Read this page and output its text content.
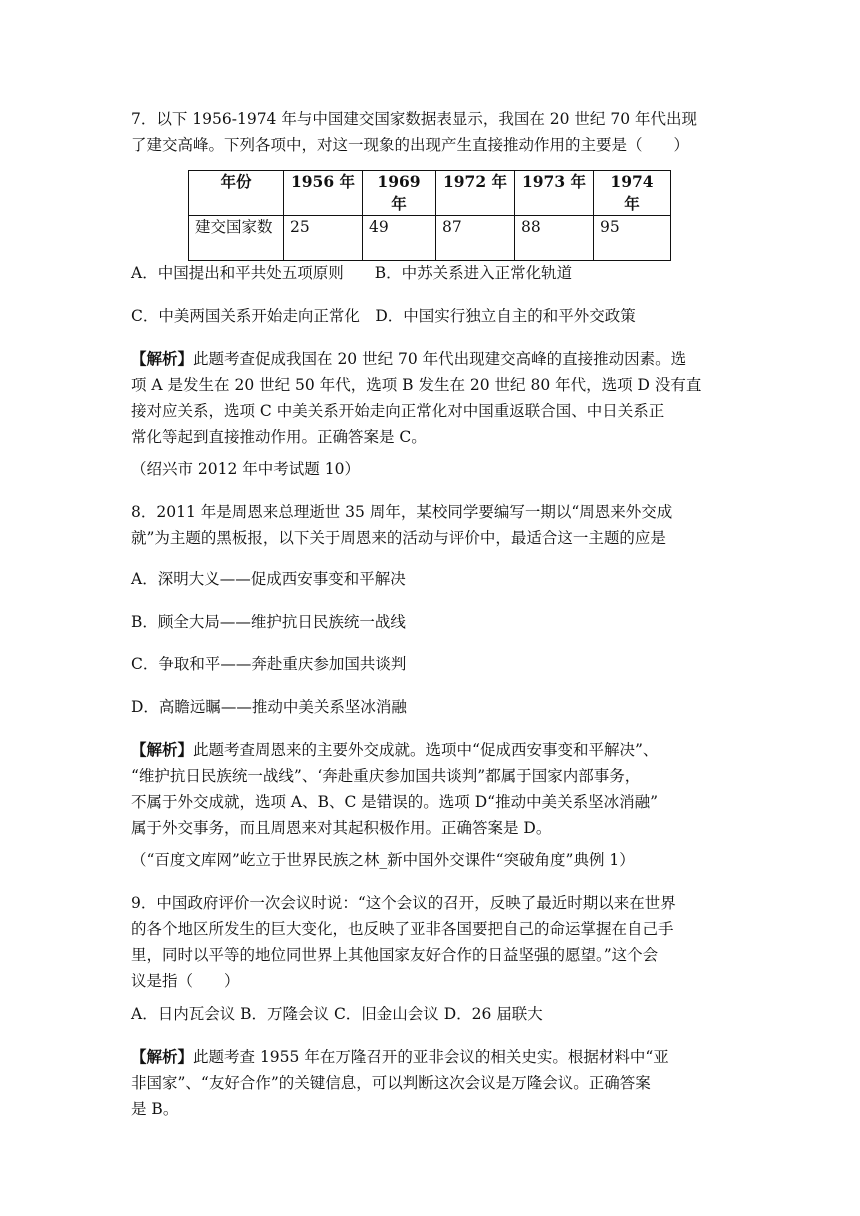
7．以下 1956-1974 年与中国建交国家数据表显示，我国在 20 世纪 70 年代出现
了建交高峰。下列各项中，对这一现象的出现产生直接推动作用的主要是（　　）

年份	1956 年	1969 年	1972 年	1973 年	1974 年
建交国家数	25	49	87	88	95

A．中国提出和平共处五项原则　　B．中苏关系进入正常化轨道

C．中美两国关系开始走向正常化　D．中国实行独立自主的和平外交政策

【解析】此题考查促成我国在 20 世纪 70 年代出现建交高峰的直接推动因素。选
项 A 是发生在 20 世纪 50 年代，选项 B 发生在 20 世纪 80 年代，选项 D 没有直
接对应关系，选项 C 中美关系开始走向正常化对中国重返联合国、中日关系正
常化等起到直接推动作用。正确答案是 C。

（绍兴市 2012 年中考试题 10）

8．2011 年是周恩来总理逝世 35 周年，某校同学要编写一期以“周恩来外交成
就”为主题的黑板报，以下关于周恩来的活动与评价中，最适合这一主题的应是

A．深明大义——促成西安事变和平解决

B．顾全大局——维护抗日民族统一战线

C．争取和平——奔赴重庆参加国共谈判

D．高瞻远瞩——推动中美关系坚冰消融

【解析】此题考查周恩来的主要外交成就。选项中“促成西安事变和平解决”、
“维护抗日民族统一战线”、‘奔赴重庆参加国共谈判”都属于国家内部事务，
不属于外交成就，选项 A、B、C 是错误的。选项 D“推动中美关系坚冰消融”
属于外交事务，而且周恩来对其起积极作用。正确答案是 D。

（“百度文库网”屹立于世界民族之林_新中国外交课件“突破角度”典例 1）

9．中国政府评价一次会议时说：“这个会议的召开，反映了最近时期以来在世界
的各个地区所发生的巨大变化，也反映了亚非各国要把自己的命运掌握在自己手
里，同时以平等的地位同世界上其他国家友好合作的日益坚强的愿望。”这个会
议是指（　　）

A．日内瓦会议 B．万隆会议 C．旧金山会议 D．26 届联大

【解析】此题考查 1955 年在万隆召开的亚非会议的相关史实。根据材料中“亚
非国家”、“友好合作”的关键信息，可以判断这次会议是万隆会议。正确答案
是 B。
